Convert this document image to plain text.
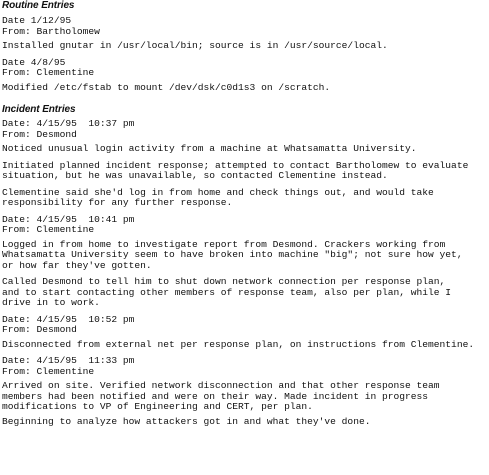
Routine Entries
Date 1/12/95
From: Bartholomew
Installed gnutar in /usr/local/bin; source is in /usr/source/local.
Date 4/8/95
From: Clementine
Modified /etc/fstab to mount /dev/dsk/c0d1s3 on /scratch.
Incident Entries
Date: 4/15/95  10:37 pm
From: Desmond
Noticed unusual login activity from a machine at Whatsamatta University.
Initiated planned incident response; attempted to contact Bartholomew to evaluate
situation, but he was unavailable, so contacted Clementine instead.
Clementine said she'd log in from home and check things out, and would take
responsibility for any further response.
Date: 4/15/95  10:41 pm
From: Clementine
Logged in from home to investigate report from Desmond. Crackers working from
Whatsamatta University seem to have broken into machine "big"; not sure how yet,
or how far they've gotten.
Called Desmond to tell him to shut down network connection per response plan,
and to start contacting other members of response team, also per plan, while I
drive in to work.
Date: 4/15/95  10:52 pm
From: Desmond
Disconnected from external net per response plan, on instructions from Clementine.
Date: 4/15/95  11:33 pm
From: Clementine
Arrived on site. Verified network disconnection and that other response team
members had been notified and were on their way. Made incident in progress
modifications to VP of Engineering and CERT, per plan.
Beginning to analyze how attackers got in and what they've done.
